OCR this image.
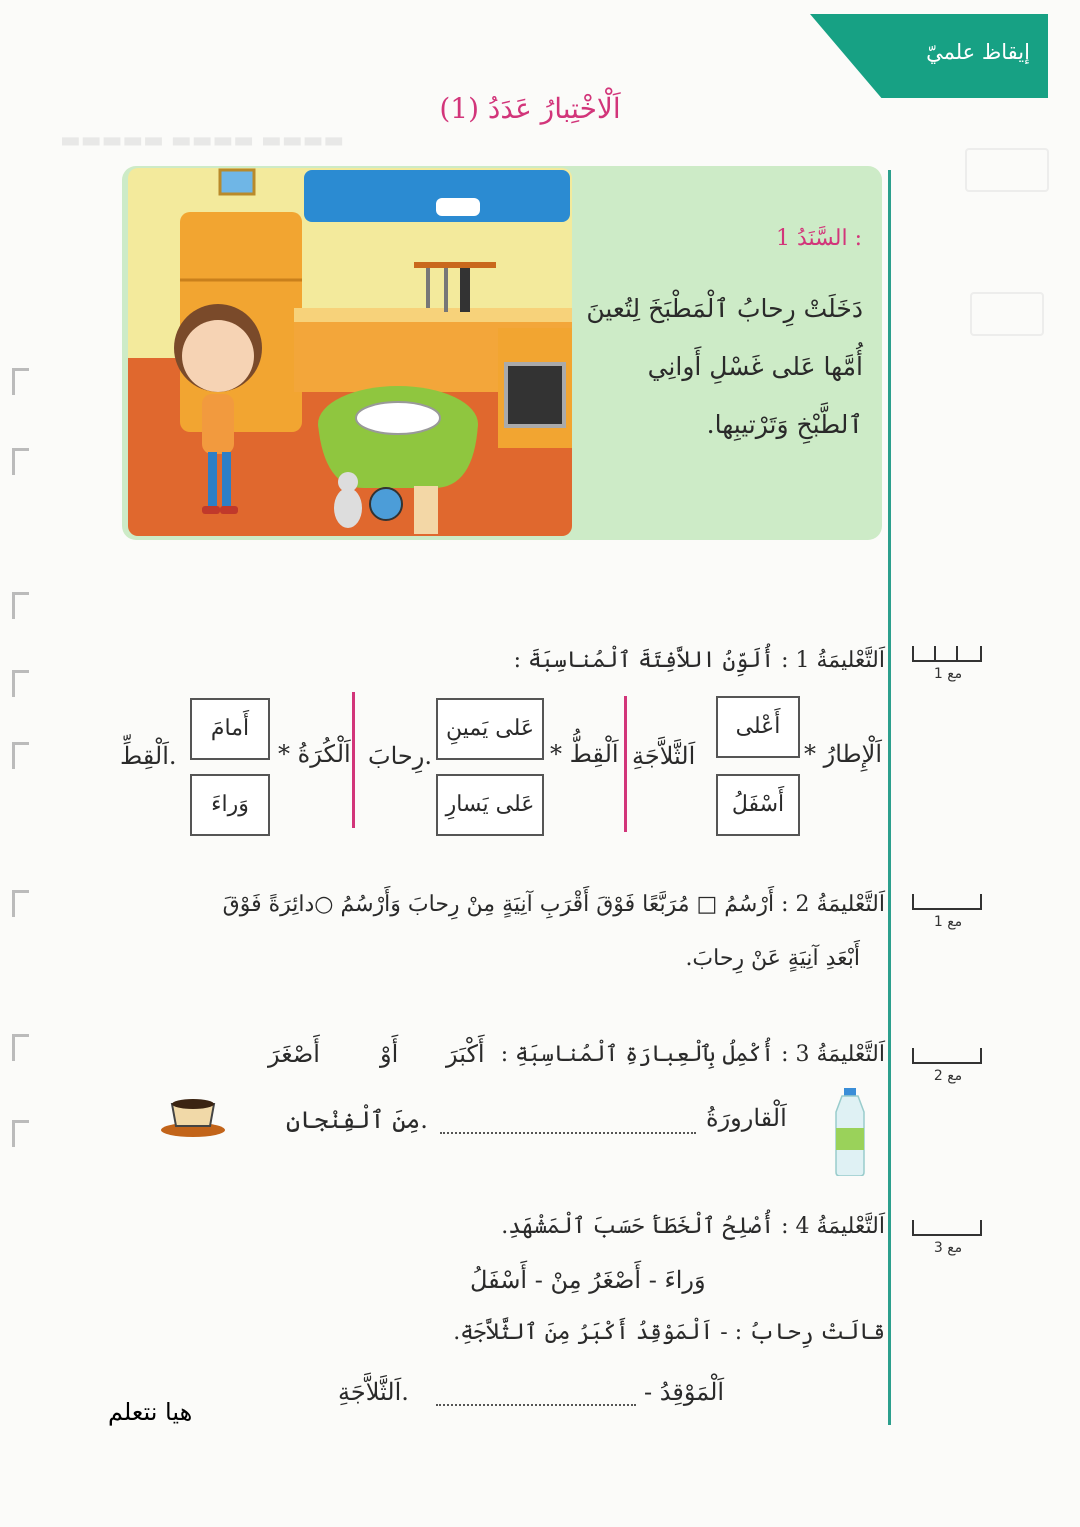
إيقاظ علميّ
اَلْاخْتِبارُ عَدَدُ (1)
▬▬▬▬▬ ▬▬▬▬ ▬▬▬▬
السَّنَدُ 1 :
دَخَلَتْ رِحابُ ٱلْمَطْبَخَ لِتُعينَ أُمَّها عَلى غَسْلِ أَوانِي ٱلطَّبْخِ وَتَرْتيبِها.
مع 1
اَلتَّعْليمَةُ 1 : أُلَوِّنُ اللاَّفِتَةَ ٱلْمُناسِبَةَ :
* اَلْإِطارُ
أَعْلى
أَسْفَلُ
اَلثَّلاَّجَةِ
* اَلْقِطُّ
عَلى يَمينِ
عَلى يَسارِ
رِحابَ.
* اَلْكُرَةُ
أَمامَ
وَراءَ
اَلْقِطِّ.
مع 1
اَلتَّعْليمَةُ 2 : أَرْسُمُ □ مُرَبَّعًا فَوْقَ أَقْرَبِ آنِيَةٍ مِنْ رِحابَ وَأَرْسُمُ ○دائِرَةً فَوْقَ
أَبْعَدِ آنِيَةٍ عَنْ رِحابَ.
مع 2
اَلتَّعْليمَةُ 3 : أُكْمِلُ بِٱلْعِبارَةِ ٱلْمُناسِبَةِ :
أَكْبَرَ
أَوْ
أَصْغَرَ
اَلْقارورَةُ
مِنَ ٱلْفِنْجانِ.
مع 3
اَلتَّعْليمَةُ 4 : أُصْلِحُ ٱلْخَطَأَ حَسَبَ ٱلْمَشْهَدِ.
وَراءَ - أَصْغَرُ مِنْ - أَسْفَلُ
قالَتْ رِحابُ : - اَلْمَوْقِدُ أَكْبَرُ مِنَ ٱلثَّلاَّجَةِ.
- اَلْمَوْقِدُ
اَلثَّلاَّجَةِ.
هيا نتعلم
